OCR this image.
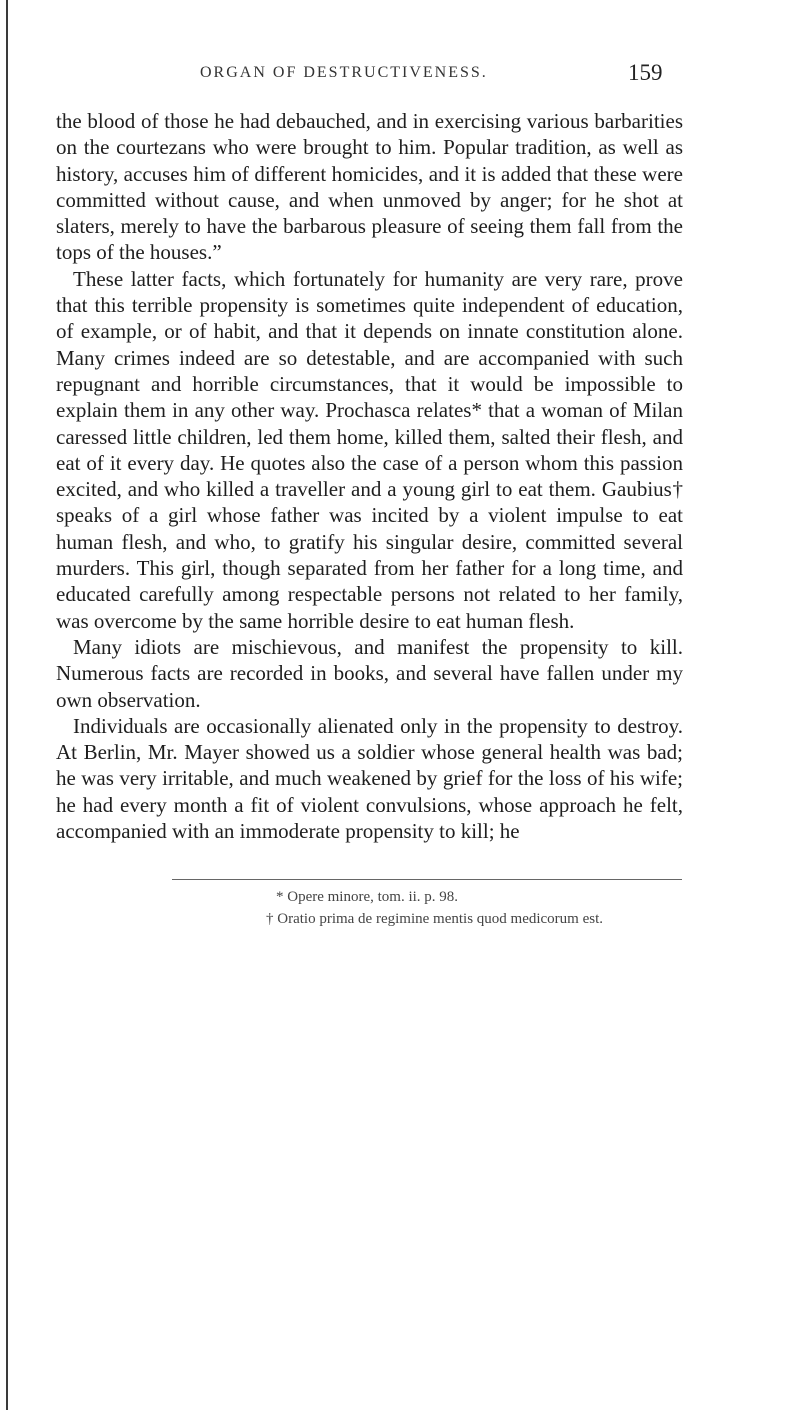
ORGAN OF DESTRUCTIVENESS.	159

the blood of those he had debauched, and in exercising various barbarities on the courtezans who were brought to him. Popular tradition, as well as history, accuses him of different homicides, and it is added that these were committed without cause, and when unmoved by anger; for he shot at slaters, merely to have the barbarous pleasure of seeing them fall from the tops of the houses.”

These latter facts, which fortunately for humanity are very rare, prove that this terrible propensity is sometimes quite independent of education, of example, or of habit, and that it depends on innate constitution alone. Many crimes indeed are so detestable, and are accompanied with such repugnant and horrible circumstances, that it would be impossible to explain them in any other way. Prochasca relates* that a woman of Milan caressed little children, led them home, killed them, salted their flesh, and eat of it every day. He quotes also the case of a person whom this passion excited, and who killed a traveller and a young girl to eat them. Gaubius† speaks of a girl whose father was incited by a violent impulse to eat human flesh, and who, to gratify his singular desire, committed several murders. This girl, though separated from her father for a long time, and educated carefully among respectable persons not related to her family, was overcome by the same horrible desire to eat human flesh.

Many idiots are mischievous, and manifest the propensity to kill. Numerous facts are recorded in books, and several have fallen under my own observation.

Individuals are occasionally alienated only in the propensity to destroy. At Berlin, Mr. Mayer showed us a soldier whose general health was bad; he was very irritable, and much weakened by grief for the loss of his wife; he had every month a fit of violent convulsions, whose approach he felt, accompanied with an immoderate propensity to kill; he

* Opere minore, tom. ii. p. 98.
† Oratio prima de regimine mentis quod medicorum est.
